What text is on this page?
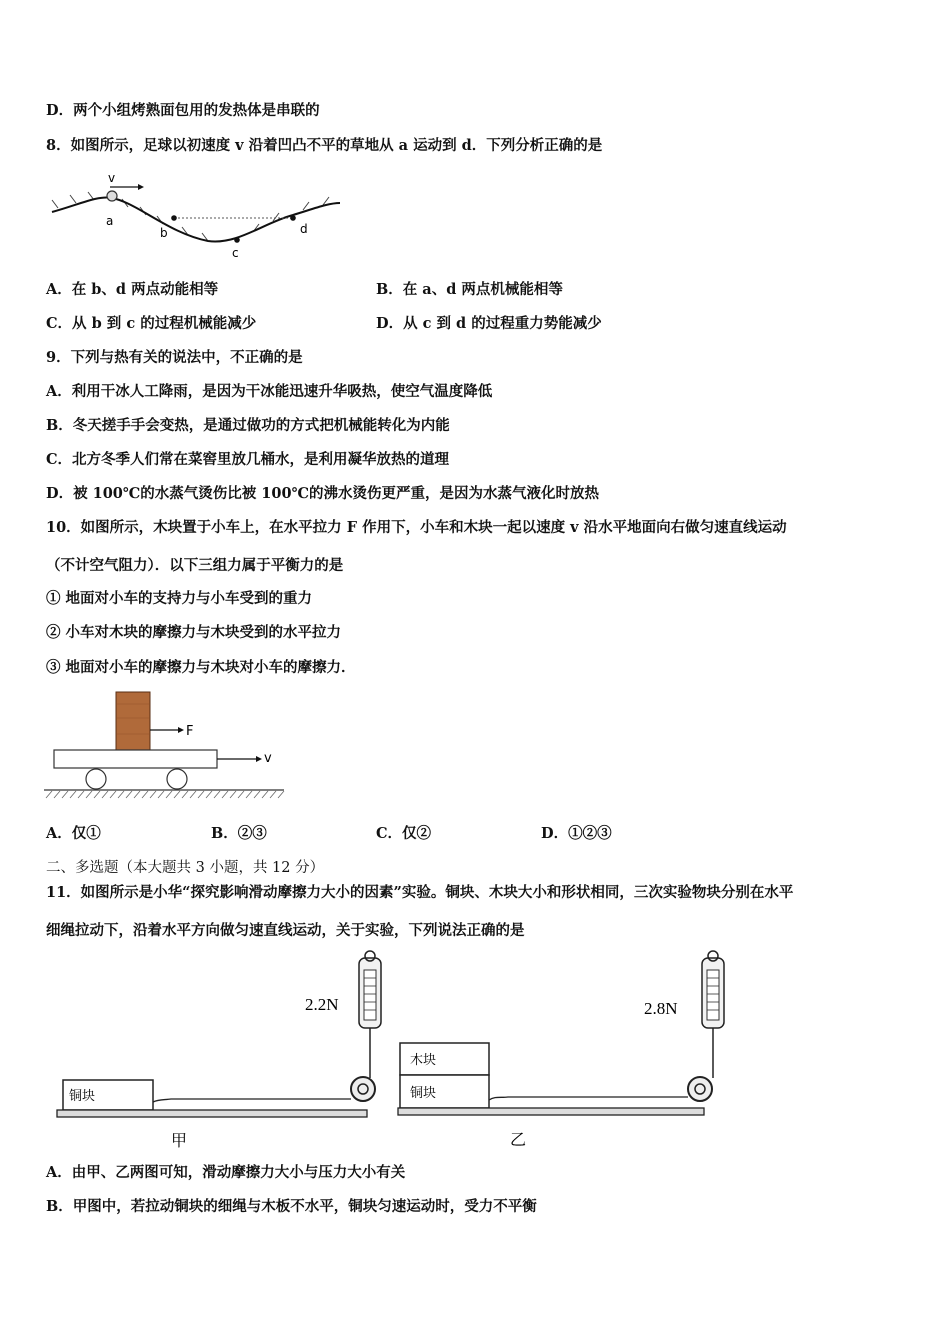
D．两个小组烤熟面包用的发热体是串联的
8．如图所示，足球以初速度 v 沿着凹凸不平的草地从 a 运动到 d．下列分析正确的是
v
a
b
c
d
A．在 b、d 两点动能相等	B．在 a、d 两点机械能相等
C．从 b 到 c 的过程机械能减少	D．从 c 到 d 的过程重力势能减少
9．下列与热有关的说法中，不正确的是
A．利用干冰人工降雨，是因为干冰能迅速升华吸热，使空气温度降低
B．冬天搓手手会变热，是通过做功的方式把机械能转化为内能
C．北方冬季人们常在菜窖里放几桶水，是利用凝华放热的道理
D．被 100℃的水蒸气烫伤比被 100℃的沸水烫伤更严重，是因为水蒸气液化时放热
10．如图所示，木块置于小车上，在水平拉力 F 作用下，小车和木块一起以速度 v 沿水平地面向右做匀速直线运动
（不计空气阻力）．以下三组力属于平衡力的是
① 地面对小车的支持力与小车受到的重力
② 小车对木块的摩擦力与木块受到的水平拉力
③ 地面对小车的摩擦力与木块对小车的摩擦力．
F
v
A．仅①	B．②③	C．仅②	D．①②③
二、多选题（本大题共 3 小题，共 12 分）
11．如图所示是小华“探究影响滑动摩擦力大小的因素”实验。铜块、木块大小和形状相同，三次实验物块分别在水平
细绳拉动下，沿着水平方向做匀速直线运动，关于实验，下列说法正确的是
2.2N
铜块
甲
2.8N
木块
铜块
乙
A．由甲、乙两图可知，滑动摩擦力大小与压力大小有关
B．甲图中，若拉动铜块的细绳与木板不水平，铜块匀速运动时，受力不平衡
